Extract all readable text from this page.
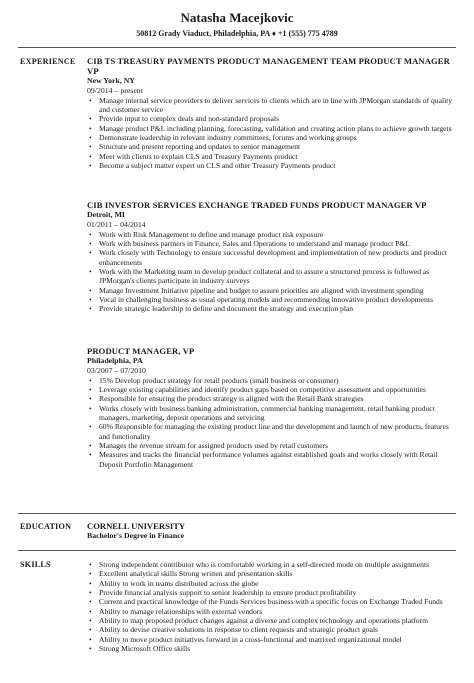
Natasha Macejkovic
50812 Grady Viaduct, Philadelphia, PA ♦ +1 (555) 775 4789
EXPERIENCE CIB TS TREASURY PAYMENTS PRODUCT MANAGEMENT TEAM PRODUCT MANAGER VP
New York, NY
09/2014 – present
• Manage internal service providers to deliver services to clients which are in line with JPMorgan standards of quality and customer service
• Provide input to complex deals and non-standard proposals
• Manage product P&L including planning, forecasting, validation and creating action plans to achieve growth targets
• Demonstrate leadership in relevant industry committees, forums and working groups
• Structure and present reporting and updates to senior management
• Meet with clients to explain CLS and Treasury Payments product
• Become a subject matter expert on CLS and other Treasury Payments product
CIB INVESTOR SERVICES EXCHANGE TRADED FUNDS PRODUCT MANAGER VP
Detroit, MI
01/2011 – 04/2014
• Work with Risk Management to define and manage product risk exposure
• Work with business partners in Finance, Sales and Operations to understand and manage product P&L
• Work closely with Technology to ensure successful development and implementation of new products and product enhancements
• Work with the Marketing team to develop product collateral and to assure a structured process is followed as JPMorgan's clients participate in industry surveys
• Manage Investment Initiative pipeline and budget to assure priorities are aligned with investment spending
• Vocal in challenging business as usual operating models and recommending innovative product developments
• Provide strategic leadership to define and document the strategy and execution plan
PRODUCT MANAGER, VP
Philadelphia, PA
03/2007 – 07/2010
• 15% Develop product strategy for retail products (small business or consumer)
• Leverage existing capabilities and identify product gaps based on competitive assessment and opportunities
• Responsible for ensuring the product strategy is aligned with the Retail Bank strategies
• Works closely with business banking administration, commercial banking management, retail banking product managers, marketing, deposit operations and servicing
• 60% Responsible for managing the existing product line and the development and launch of new products, features and functionality
• Manages the revenue stream for assigned products used by retail customers
• Measures and tracks the financial performance volumes against established goals and works closely with Retail Deposit Portfolio Management
EDUCATION CORNELL UNIVERSITY
Bachelor's Degree in Finance
SKILLS	• Strong independent contributor who is comfortable working in a self-directed mode on multiple assignments
• Excellent analytical skills Strong written and presentation skills
• Ability to work in teams distributed across the globe
• Provide financial analysis support to senior leadership to ensure product profitability
• Current and practical knowledge of the Funds Services business with a specific focus on Exchange Traded Funds
• Ability to manage relationships with external vendors
• Ability to map proposed product changes against a diverse and complex technology and operations platform
• Ability to devise creative solutions in response to client requests and strategic product goals
• Ability to move product initiatives forward in a cross-functional and matrixed organizational model
• Strong Microsoft Office skills
